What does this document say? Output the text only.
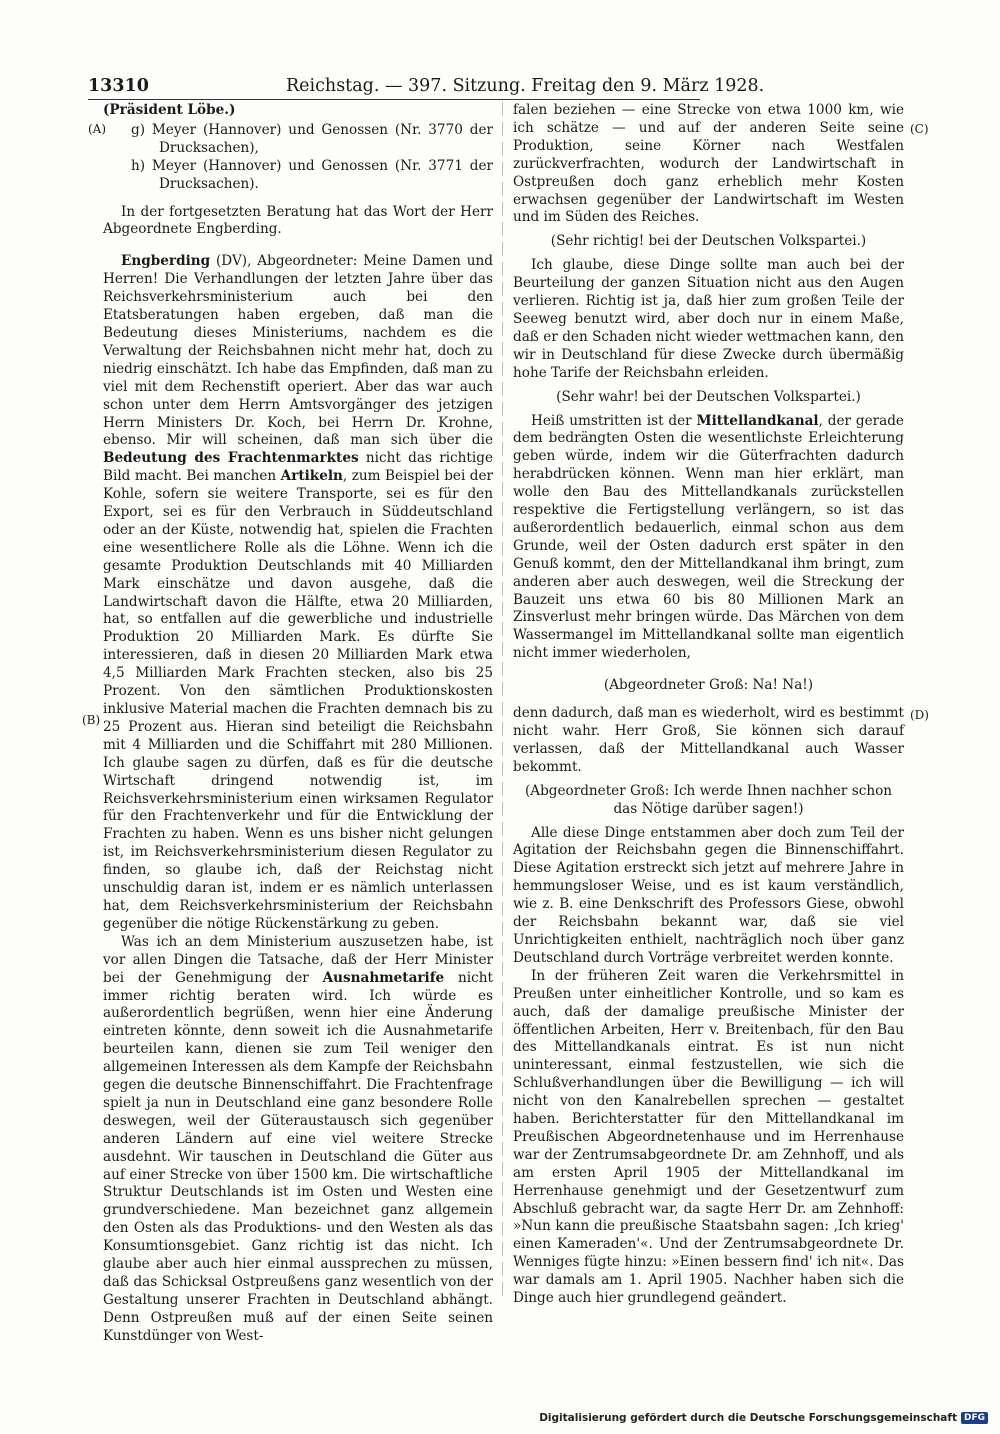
13310	Reichstag. — 397. Sitzung. Freitag den 9. März 1928.
(A)
(B)
(C)
(D)

(Präsident Löbe.)

g) Meyer (Hannover) und Genossen (Nr. 3770 der Drucksachen),

h) Meyer (Hannover) und Genossen (Nr. 3771 der Drucksachen).

In der fortgesetzten Beratung hat das Wort der Herr Abgeordnete Engberding.

Engberding (DV), Abgeordneter: Meine Damen und Herren! Die Verhandlungen der letzten Jahre über das Reichsverkehrsministerium auch bei den Etatsberatungen haben ergeben, daß man die Bedeutung dieses Ministeriums, nachdem es die Verwaltung der Reichsbahnen nicht mehr hat, doch zu niedrig einschätzt. Ich habe das Empfinden, daß man zu viel mit dem Rechenstift operiert. Aber das war auch schon unter dem Herrn Amtsvorgänger des jetzigen Herrn Ministers Dr. Koch, bei Herrn Dr. Krohne, ebenso. Mir will scheinen, daß man sich über die Bedeutung des Frachtenmarktes nicht das richtige Bild macht. Bei manchen Artikeln, zum Beispiel bei der Kohle, sofern sie weitere Transporte, sei es für den Export, sei es für den Verbrauch in Süddeutschland oder an der Küste, notwendig hat, spielen die Frachten eine wesentlichere Rolle als die Löhne. Wenn ich die gesamte Produktion Deutschlands mit 40 Milliarden Mark einschätze und davon ausgehe, daß die Landwirtschaft davon die Hälfte, etwa 20 Milliarden, hat, so entfallen auf die gewerbliche und industrielle Produktion 20 Milliarden Mark. Es dürfte Sie interessieren, daß in diesen 20 Milliarden Mark etwa 4,5 Milliarden Mark Frachten stecken, also bis 25 Prozent. Von den sämtlichen Produktionskosten inklusive Material machen die Frachten demnach bis zu 25 Prozent aus. Hieran sind beteiligt die Reichsbahn mit 4 Milliarden und die Schiffahrt mit 280 Millionen. Ich glaube sagen zu dürfen, daß es für die deutsche Wirtschaft dringend notwendig ist, im Reichsverkehrsministerium einen wirksamen Regulator für den Frachtenverkehr und für die Entwicklung der Frachten zu haben. Wenn es uns bisher nicht gelungen ist, im Reichsverkehrsministerium diesen Regulator zu finden, so glaube ich, daß der Reichstag nicht unschuldig daran ist, indem er es nämlich unterlassen hat, dem Reichsverkehrsministerium der Reichsbahn gegenüber die nötige Rückenstärkung zu geben.

Was ich an dem Ministerium auszusetzen habe, ist vor allen Dingen die Tatsache, daß der Herr Minister bei der Genehmigung der Ausnahmetarife nicht immer richtig beraten wird. Ich würde es außerordentlich begrüßen, wenn hier eine Änderung eintreten könnte, denn soweit ich die Ausnahmetarife beurteilen kann, dienen sie zum Teil weniger den allgemeinen Interessen als dem Kampfe der Reichsbahn gegen die deutsche Binnenschiffahrt. Die Frachtenfrage spielt ja nun in Deutschland eine ganz besondere Rolle deswegen, weil der Güteraustausch sich gegenüber anderen Ländern auf eine viel weitere Strecke ausdehnt. Wir tauschen in Deutschland die Güter aus auf einer Strecke von über 1500 km. Die wirtschaftliche Struktur Deutschlands ist im Osten und Westen eine grundverschiedene. Man bezeichnet ganz allgemein den Osten als das Produktions- und den Westen als das Konsumtionsgebiet. Ganz richtig ist das nicht. Ich glaube aber auch hier einmal aussprechen zu müssen, daß das Schicksal Ostpreußens ganz wesentlich von der Gestaltung unserer Frachten in Deutschland abhängt. Denn Ostpreußen muß auf der einen Seite seinen Kunstdünger von West-

falen beziehen — eine Strecke von etwa 1000 km, wie ich schätze — und auf der anderen Seite seine Produktion, seine Körner nach Westfalen zurückverfrachten, wodurch der Landwirtschaft in Ostpreußen doch ganz erheblich mehr Kosten erwachsen gegenüber der Landwirtschaft im Westen und im Süden des Reiches.

(Sehr richtig! bei der Deutschen Volkspartei.)

Ich glaube, diese Dinge sollte man auch bei der Beurteilung der ganzen Situation nicht aus den Augen verlieren. Richtig ist ja, daß hier zum großen Teile der Seeweg benutzt wird, aber doch nur in einem Maße, daß er den Schaden nicht wieder wettmachen kann, den wir in Deutschland für diese Zwecke durch übermäßig hohe Tarife der Reichsbahn erleiden.

(Sehr wahr! bei der Deutschen Volkspartei.)

Heiß umstritten ist der Mittellandkanal, der gerade dem bedrängten Osten die wesentlichste Erleichterung geben würde, indem wir die Güterfrachten dadurch herabdrücken können. Wenn man hier erklärt, man wolle den Bau des Mittellandkanals zurückstellen respektive die Fertigstellung verlängern, so ist das außerordentlich bedauerlich, einmal schon aus dem Grunde, weil der Osten dadurch erst später in den Genuß kommt, den der Mittellandkanal ihm bringt, zum anderen aber auch deswegen, weil die Streckung der Bauzeit uns etwa 60 bis 80 Millionen Mark an Zinsverlust mehr bringen würde. Das Märchen von dem Wassermangel im Mittellandkanal sollte man eigentlich nicht immer wiederholen,

(Abgeordneter Groß: Na! Na!)

denn dadurch, daß man es wiederholt, wird es bestimmt nicht wahr. Herr Groß, Sie können sich darauf verlassen, daß der Mittellandkanal auch Wasser bekommt.

(Abgeordneter Groß: Ich werde Ihnen nachher schon das Nötige darüber sagen!)

Alle diese Dinge entstammen aber doch zum Teil der Agitation der Reichsbahn gegen die Binnenschiffahrt. Diese Agitation erstreckt sich jetzt auf mehrere Jahre in hemmungsloser Weise, und es ist kaum verständlich, wie z. B. eine Denkschrift des Professors Giese, obwohl der Reichsbahn bekannt war, daß sie viel Unrichtigkeiten enthielt, nachträglich noch über ganz Deutschland durch Vorträge verbreitet werden konnte.

In der früheren Zeit waren die Verkehrsmittel in Preußen unter einheitlicher Kontrolle, und so kam es auch, daß der damalige preußische Minister der öffentlichen Arbeiten, Herr v. Breitenbach, für den Bau des Mittellandkanals eintrat. Es ist nun nicht uninteressant, einmal festzustellen, wie sich die Schlußverhandlungen über die Bewilligung — ich will nicht von den Kanalrebellen sprechen — gestaltet haben. Berichterstatter für den Mittellandkanal im Preußischen Abgeordnetenhause und im Herrenhause war der Zentrumsabgeordnete Dr. am Zehnhoff, und als am ersten April 1905 der Mittellandkanal im Herrenhause genehmigt und der Gesetzentwurf zum Abschluß gebracht war, da sagte Herr Dr. am Zehnhoff: »Nun kann die preußische Staatsbahn sagen: ‚Ich krieg' einen Kameraden'«. Und der Zentrumsabgeordnete Dr. Wenniges fügte hinzu: »Einen bessern find' ich nit«. Das war damals am 1. April 1905. Nachher haben sich die Dinge auch hier grundlegend geändert.

Digitalisierung gefördert durch die Deutsche Forschungsgemeinschaft DFG
